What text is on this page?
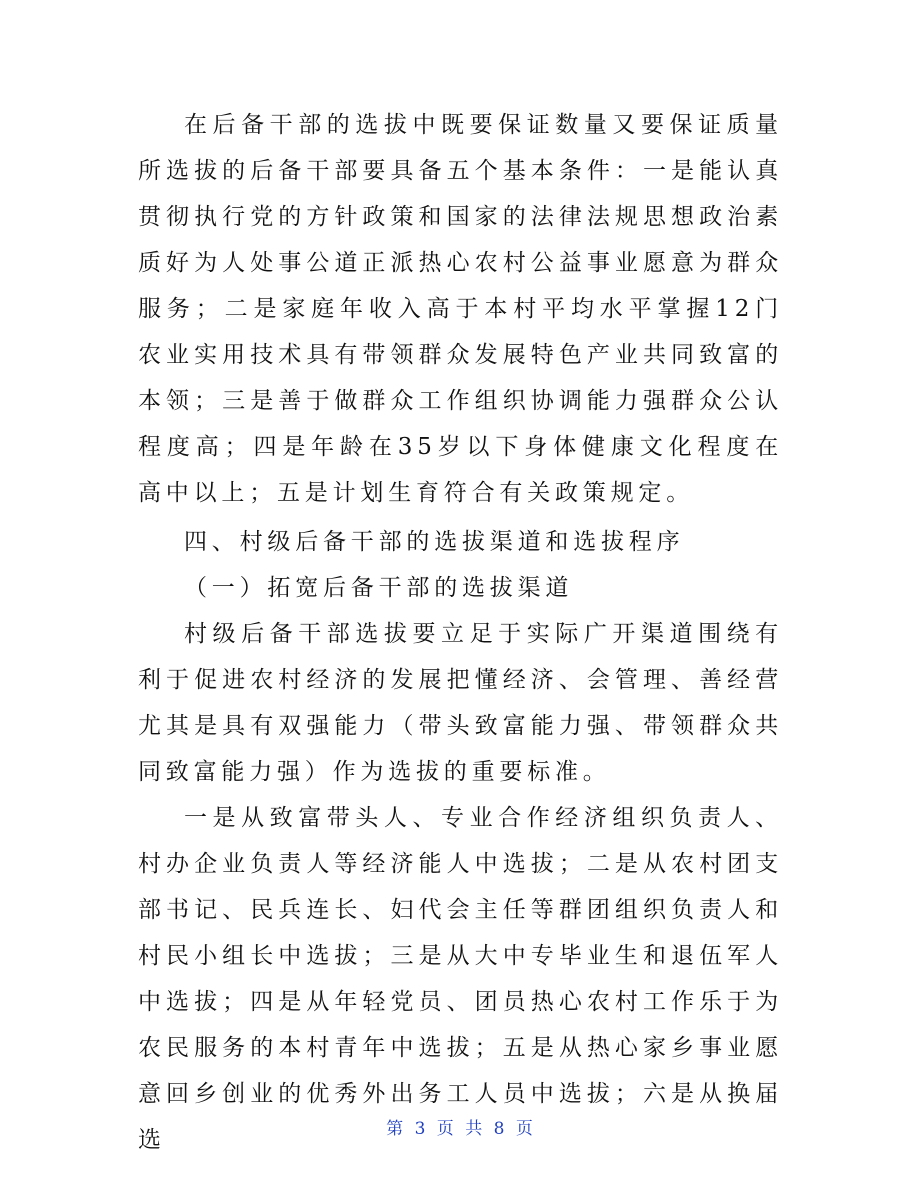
在后备干部的选拔中既要保证数量又要保证质量所选拔的后备干部要具备五个基本条件：一是能认真贯彻执行党的方针政策和国家的法律法规思想政治素质好为人处事公道正派热心农村公益事业愿意为群众服务；二是家庭年收入高于本村平均水平掌握12门农业实用技术具有带领群众发展特色产业共同致富的本领；三是善于做群众工作组织协调能力强群众公认程度高；四是年龄在35岁以下身体健康文化程度在高中以上；五是计划生育符合有关政策规定。

四、村级后备干部的选拔渠道和选拔程序

（一）拓宽后备干部的选拔渠道

村级后备干部选拔要立足于实际广开渠道围绕有利于促进农村经济的发展把懂经济、会管理、善经营尤其是具有双强能力（带头致富能力强、带领群众共同致富能力强）作为选拔的重要标准。

一是从致富带头人、专业合作经济组织负责人、村办企业负责人等经济能人中选拔；二是从农村团支部书记、民兵连长、妇代会主任等群团组织负责人和村民小组长中选拔；三是从大中专毕业生和退伍军人中选拔；四是从年轻党员、团员热心农村工作乐于为农民服务的本村青年中选拔；五是从热心家乡事业愿意回乡创业的优秀外出务工人员中选拔；六是从换届选	第 3 页 共 8 页
